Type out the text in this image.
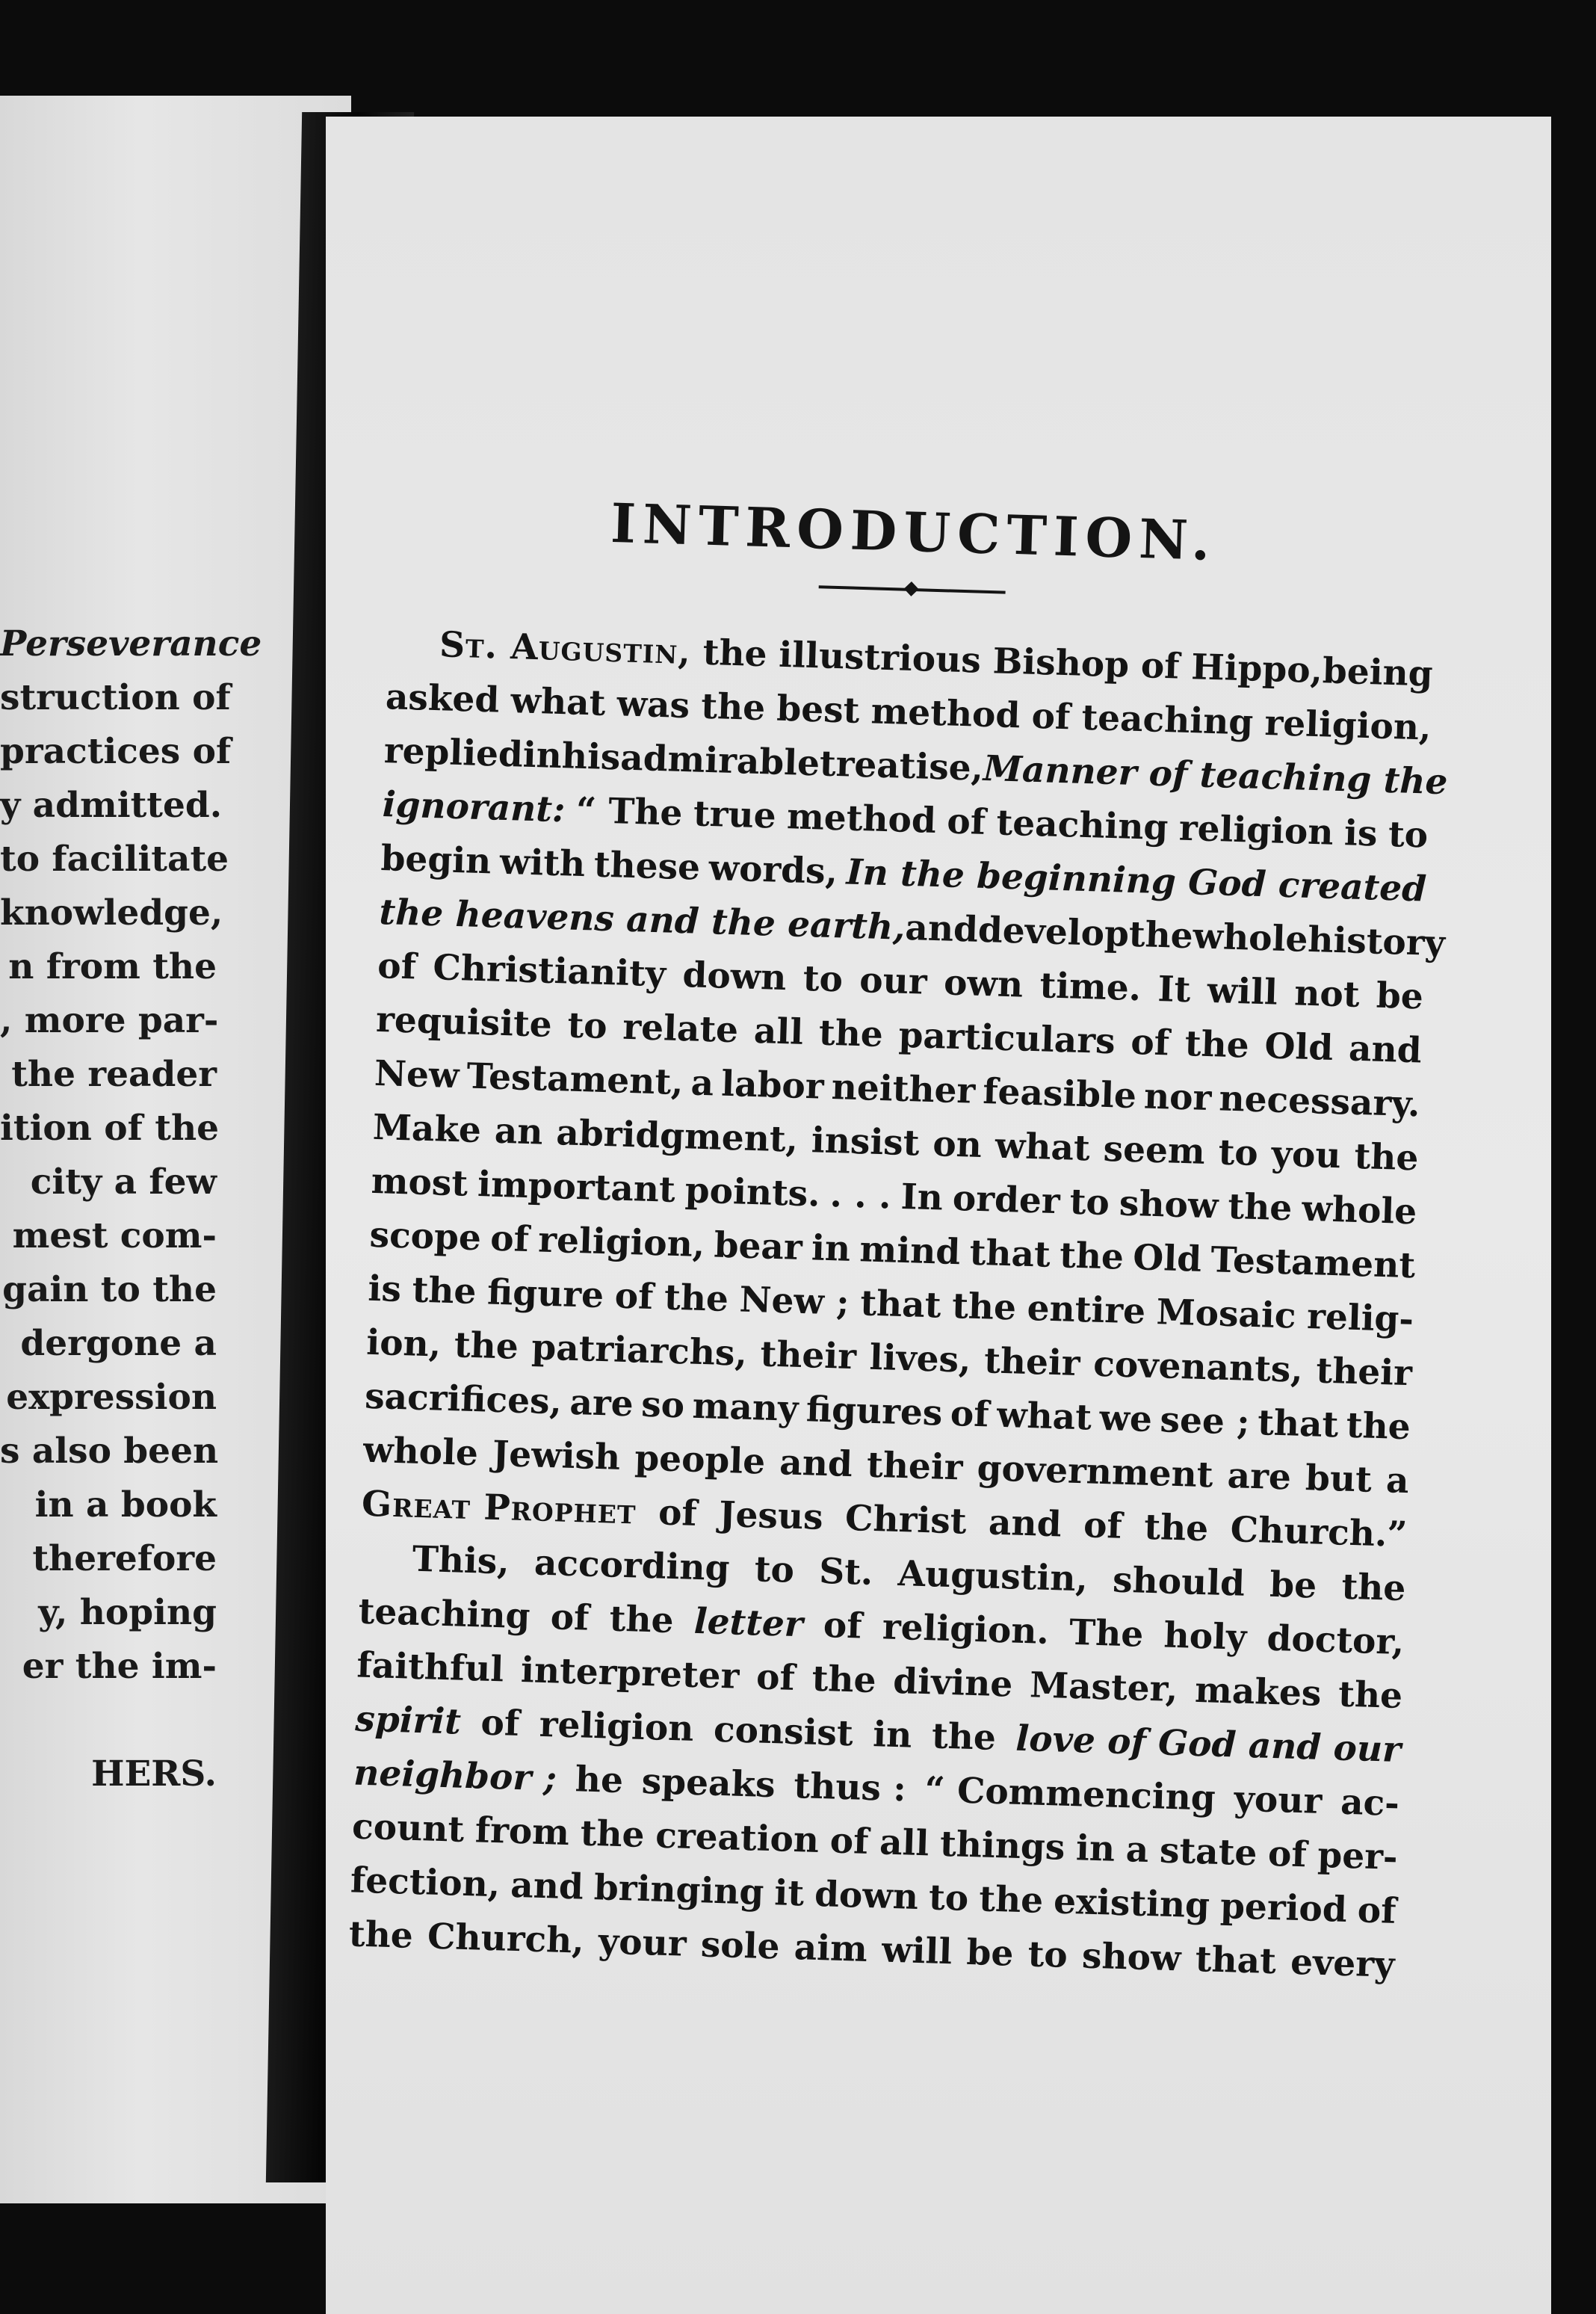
Perseverance
struction of
practices of
y admitted.
to facilitate
knowledge,
n from the
, more par-
the reader
ition of the
city a few
mest com-
gain to the
dergone a
expression
s also been
in a book
therefore
y, hoping
er the im-
HERS.
INTRODUCTION.
St. Augustin, the illustrious Bishop of Hippo,being
asked what was the best method of teaching religion,
replied
in
his
admirable
treatise,
Manner of teaching the
ignorant: “ The true method of teaching religion is to
begin with these words, In the beginning God created
the heavens and the earth,
and
develop
the
whole
history
of Christianity down to our own time. It will not be
requisite to relate all the particulars of the Old and
New Testament, a labor neither feasible nor necessary.
Make an abridgment, insist on what seem to you the
most important points. . . . In order to show the whole
scope of religion, bear in mind that the Old Testament
is the figure of the New ; that the entire Mosaic relig-
ion, the patriarchs, their lives, their covenants, their
sacrifices, are so many figures of what we see ; that the
whole Jewish people and their government are but a
Great Prophet of Jesus Christ and of the Church.”
This, according to St. Augustin, should be the
teaching of the letter of religion. The holy doctor,
faithful interpreter of the divine Master, makes the
spirit of religion consist in the love of God and our
neighbor ; he speaks thus : “ Commencing your ac-
count from the creation of all things in a state of per-
fection, and bringing it down to the existing period of
the Church, your sole aim will be to show that every
